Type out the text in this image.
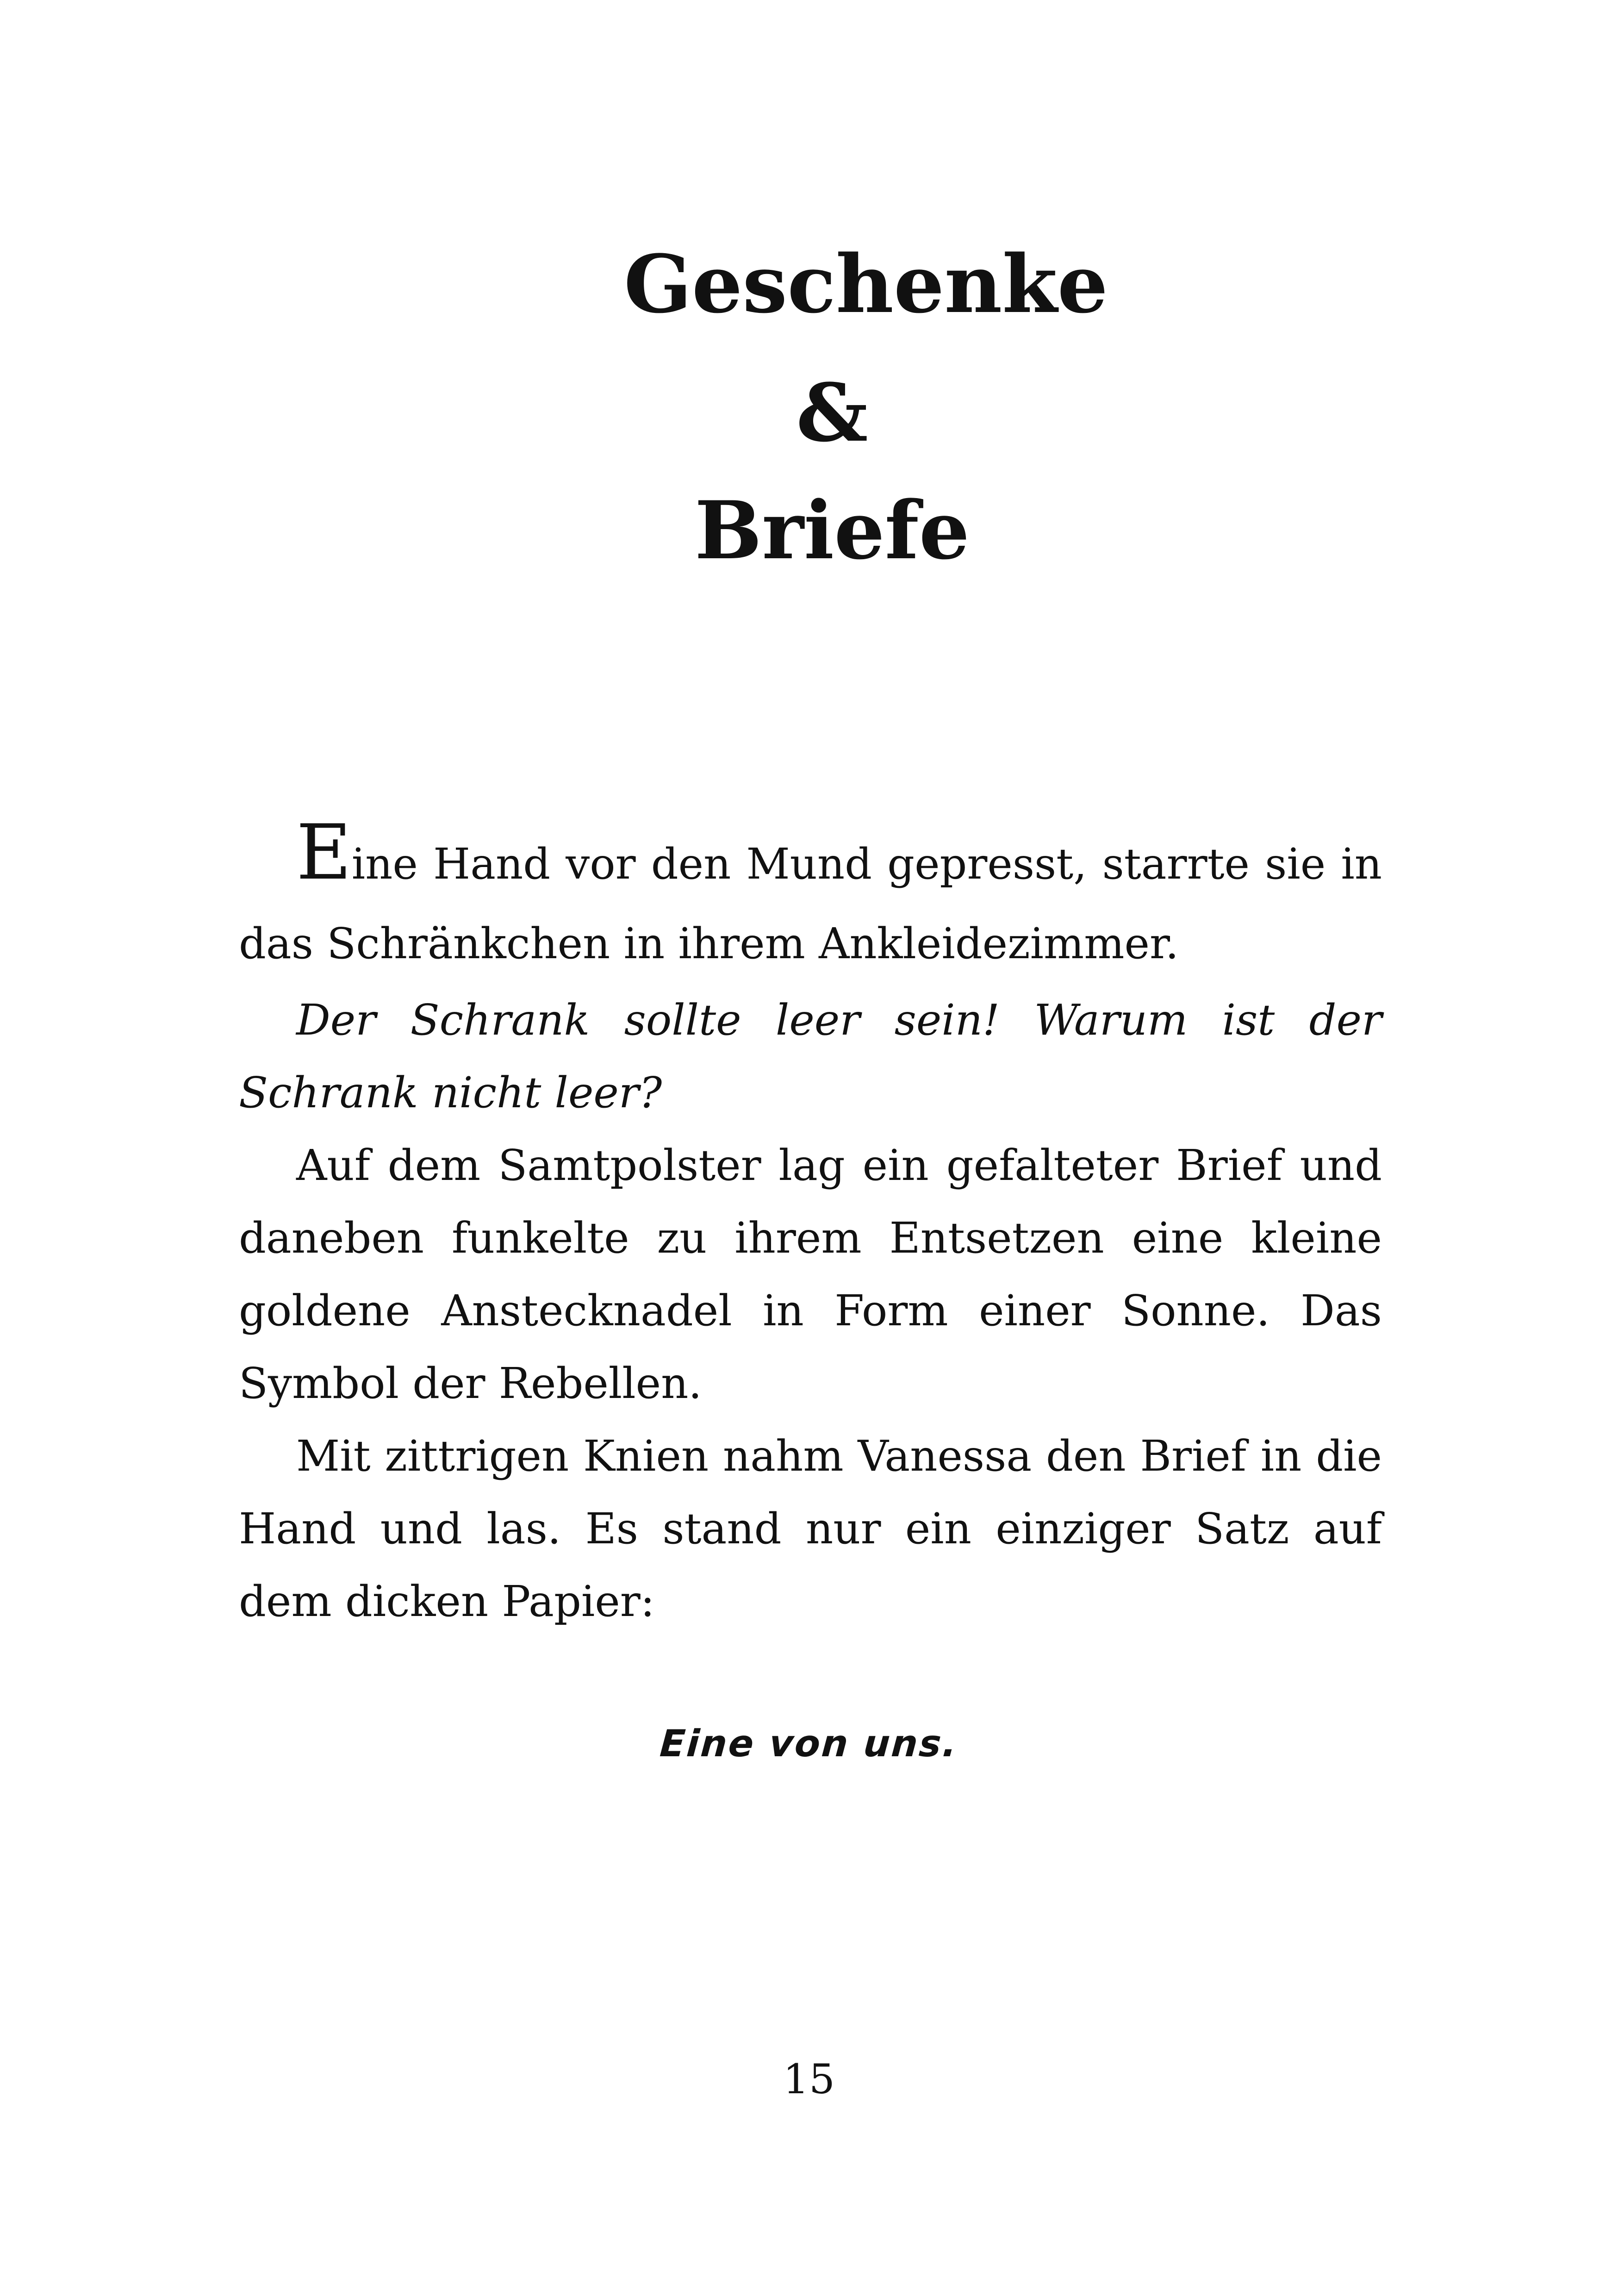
Geschenke
&
Briefe

Eine Hand vor den Mund gepresst, starrte sie in das Schränkchen in ihrem Ankleidezimmer.

Der Schrank sollte leer sein! Warum ist der Schrank nicht leer?

Auf dem Samtpolster lag ein gefalteter Brief und daneben funkelte zu ihrem Entsetzen eine kleine goldene Anstecknadel in Form einer Sonne. Das Symbol der Rebellen.

Mit zittrigen Knien nahm Vanessa den Brief in die Hand und las. Es stand nur ein einziger Satz auf dem dicken Papier:

Eine von uns.
15
